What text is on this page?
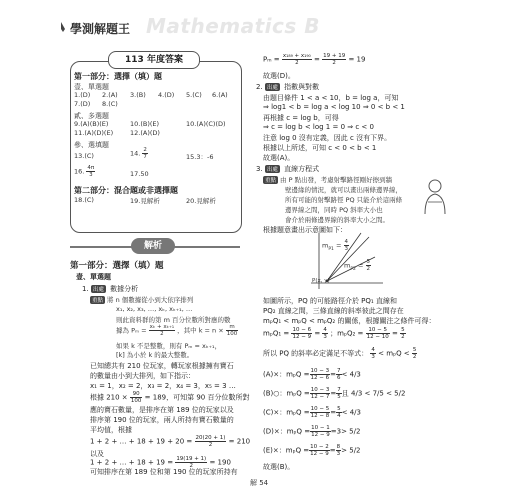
學測解題王 Mathematics B
113 年度答案
第一部分：選擇（填）題
壹、單選題
1.(D) 2.(A) 3.(B) 4.(D) 5.(C) 6.(A)
7.(D) 8.(C)
貳、多選題
9.(A)(B)(E)	10.(B)(E)	10.(A)(C)(D)
11.(A)(D)(E)	12.(A)(D)
參、選填題
13.(C)	14. $\frac{2}{7}$	15.3：-6
16. $\frac{4\pi}{3}$	17.50
第二部分：混合題或非選擇題
18.(C)	19.見解析	20.見解析
解析
第一部分：選擇（填）題
壹、單選題
1. 出處 數據分析
重點 將 n 個數據從小到大依序排列
x₁, x₂, x₃, …, xₖ, xₖ₊₁, …
則此資料群的第 m 百分位數所對應的數
據為 $P_m = \frac{\text{xₖ + xₖ₊₁}}{2}$ ，其中 $k = n \times \frac{m}{100}$
如果 k 不是整數，則有 Pₘ = xₖ₊₁，
[k] 為小於 k 的最大整數。
已知總共有 210 位玩家，轉玩家根據擁有寶石
的數量由小到大排列，如下指示：
x₁ = 1，x₂ = 2，x₃ = 2，x₄ = 3，x₅ = 3 …
根據 $210 \times \frac{90}{100} = 189$，可知第 90 百分位數所對
應的寶石數量，是排序在第 189 位的玩家以及
排序第 190 位的玩家，兩人所持有寶石數量的
平均值，根據
1 + 2 + … + $18 + 19 + 20 = \frac{20(20 + 1)}{2} = 210$
以及
1 + 2 + … + $18 + 19 = \frac{19(19 + 1)}{2} = 190$
可知排序在第 189 位和第 190 位的玩家所持有
$P_m = \frac{\text{x₁₈₉ + x₁₉₀}}{2} = \frac{19 + 19}{2} = 19$
故選(D)。
2. 出處 指數與對數
由題目條件 1 < a < 10，b = log a，可知
⇒ log1 < b = log a < log 10 ⇒ 0 < b < 1
再根據 c = log b，可得
⇒ c = log b < log 1 = 0 ⇒ c < 0
注意 log 0 沒有定義，因此 c 沒有下界。
根據以上所述，可知 c < 0 < b < 1
故選(A)。
3. 出處 直線方程式
重點 由 P 點出發，考慮射擊路徑剛好擦到牆
壁邊緣的情況，就可以畫出兩條邊界線，
所有可能的射擊路徑 PQ 只能介於這兩條
邊界線之間，同時 PQ 斜率大小也
會介於兩條邊界線的斜率大小之間。
根據題意畫出示意圖如下：
$m_{P1} = \frac{4}{3}$
$m_{P2} = \frac{5}{2}$
P(x, y)
如圖所示，PQ 的可能路徑介於 PQ₁ 直線和
PQ₂ 直線之間，三條直線的斜率彼此之間存在
mₚQ₁ < mₚQ < mₚQ₂ 的關係，根據關注之條件可得：
$m_pQ_1 = \frac{10 - 6}{12 - 9} = \frac{4}{3}$ ；$m_pQ_2 = \frac{10 - 5}{12 - 10} = \frac{5}{2}$
所以 PQ 的斜率必定滿足不等式： $\frac{4}{3} < m_pQ < \frac{5}{2}$
(A)×：$m_pQ = \frac{10 - 3}{12 - 6} = \frac{7}{6} < 4/3$
(B)○：$m_pQ = \frac{10 - 3}{12 - 7} = \frac{7}{5}$ 且 4/3 < 7/5 < 5/2
(C)×：$m_pQ = \frac{10 - 5}{12 - 8} = \frac{5}{4} < 4/3$
(D)×：$m_pQ = \frac{10 - 1}{12 - 9} =3> 5/2$
(E)×：$m_pQ = \frac{10 - 2}{12 - 9} = \frac{8}{3} > 5/2$
故選(B)。
解 54
